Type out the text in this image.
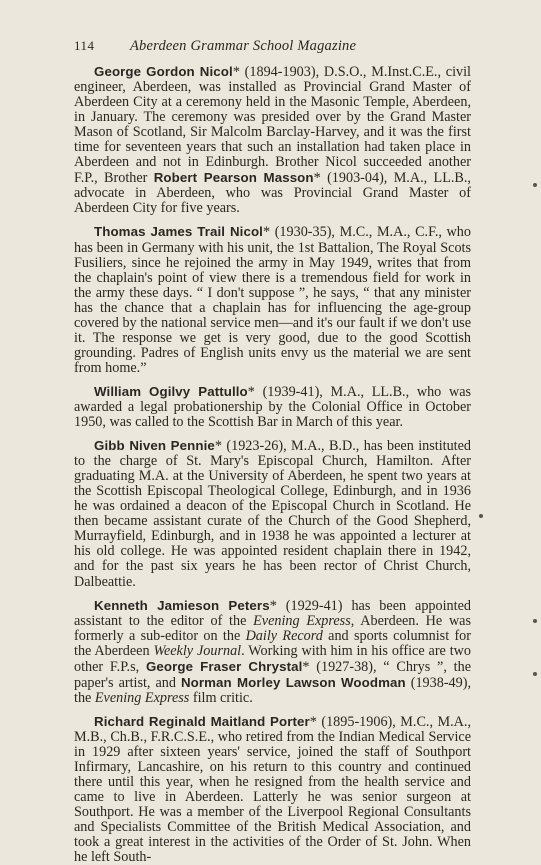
114	Aberdeen Grammar School Magazine

George Gordon Nicol* (1894-1903), D.S.O., M.Inst.C.E., civil engineer, Aberdeen, was installed as Provincial Grand Master of Aberdeen City at a ceremony held in the Masonic Temple, Aberdeen, in January. The ceremony was presided over by the Grand Master Mason of Scotland, Sir Malcolm Barclay-Harvey, and it was the first time for seventeen years that such an installation had taken place in Aberdeen and not in Edinburgh. Brother Nicol succeeded another F.P., Brother Robert Pearson Masson* (1903-04), M.A., LL.B., advocate in Aberdeen, who was Provincial Grand Master of Aberdeen City for five years.

Thomas James Trail Nicol* (1930-35), M.C., M.A., C.F., who has been in Germany with his unit, the 1st Battalion, The Royal Scots Fusiliers, since he rejoined the army in May 1949, writes that from the chaplain's point of view there is a tremendous field for work in the army these days. “ I don't suppose ”, he says, “ that any minister has the chance that a chaplain has for influencing the age-group covered by the national service men—and it's our fault if we don't use it. The response we get is very good, due to the good Scottish grounding. Padres of English units envy us the material we are sent from home.”

William Ogilvy Pattullo* (1939-41), M.A., LL.B., who was awarded a legal probationership by the Colonial Office in October 1950, was called to the Scottish Bar in March of this year.

Gibb Niven Pennie* (1923-26), M.A., B.D., has been instituted to the charge of St. Mary's Episcopal Church, Hamilton. After graduating M.A. at the University of Aberdeen, he spent two years at the Scottish Episcopal Theological College, Edinburgh, and in 1936 he was ordained a deacon of the Episcopal Church in Scotland. He then became assistant curate of the Church of the Good Shepherd, Murrayfield, Edinburgh, and in 1938 he was appointed a lecturer at his old college. He was appointed resident chaplain there in 1942, and for the past six years he has been rector of Christ Church, Dalbeattie.

Kenneth Jamieson Peters* (1929-41) has been appointed assistant to the editor of the Evening Express, Aberdeen. He was formerly a sub-editor on the Daily Record and sports columnist for the Aberdeen Weekly Journal. Working with him in his office are two other F.P.s, George Fraser Chrystal* (1927-38), “ Chrys ”, the paper's artist, and Norman Morley Lawson Woodman (1938-49), the Evening Express film critic.

Richard Reginald Maitland Porter* (1895-1906), M.C., M.A., M.B., Ch.B., F.R.C.S.E., who retired from the Indian Medical Service in 1929 after sixteen years' service, joined the staff of Southport Infirmary, Lancashire, on his return to this country and continued there until this year, when he resigned from the health service and came to live in Aberdeen. Latterly he was senior surgeon at Southport. He was a member of the Liverpool Regional Consultants and Specialists Committee of the British Medical Association, and took a great interest in the activities of the Order of St. John. When he left South-
